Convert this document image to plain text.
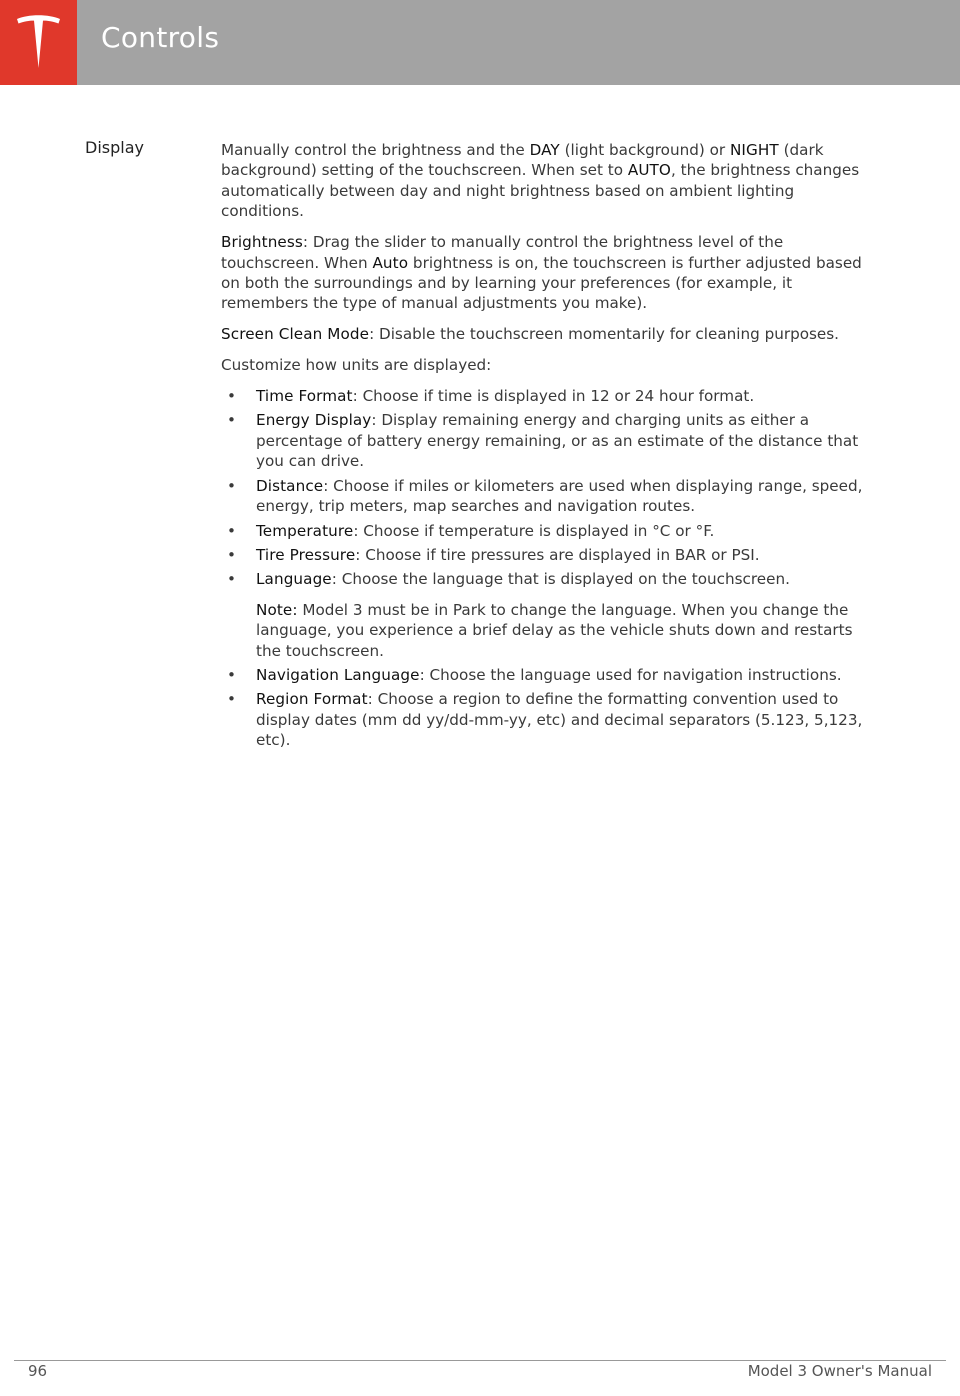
Controls
Display	Manually control the brightness and the DAY (light background) or NIGHT (dark background) setting of the touchscreen. When set to AUTO, the brightness changes automatically between day and night brightness based on ambient lighting conditions.

Brightness: Drag the slider to manually control the brightness level of the touchscreen. When Auto brightness is on, the touchscreen is further adjusted based on both the surroundings and by learning your preferences (for example, it remembers the type of manual adjustments you make).

Screen Clean Mode: Disable the touchscreen momentarily for cleaning purposes.

Customize how units are displayed:

• Time Format: Choose if time is displayed in 12 or 24 hour format.
• Energy Display: Display remaining energy and charging units as either a percentage of battery energy remaining, or as an estimate of the distance that you can drive.
• Distance: Choose if miles or kilometers are used when displaying range, speed, energy, trip meters, map searches and navigation routes.
• Temperature: Choose if temperature is displayed in °C or °F.
• Tire Pressure: Choose if tire pressures are displayed in BAR or PSI.
• Language: Choose the language that is displayed on the touchscreen.

Note: Model 3 must be in Park to change the language. When you change the language, you experience a brief delay as the vehicle shuts down and restarts the touchscreen.

• Navigation Language: Choose the language used for navigation instructions.
• Region Format: Choose a region to define the formatting convention used to display dates (mm dd yy/dd-mm-yy, etc) and decimal separators (5.123, 5,123, etc).
96	Model 3 Owner's Manual
